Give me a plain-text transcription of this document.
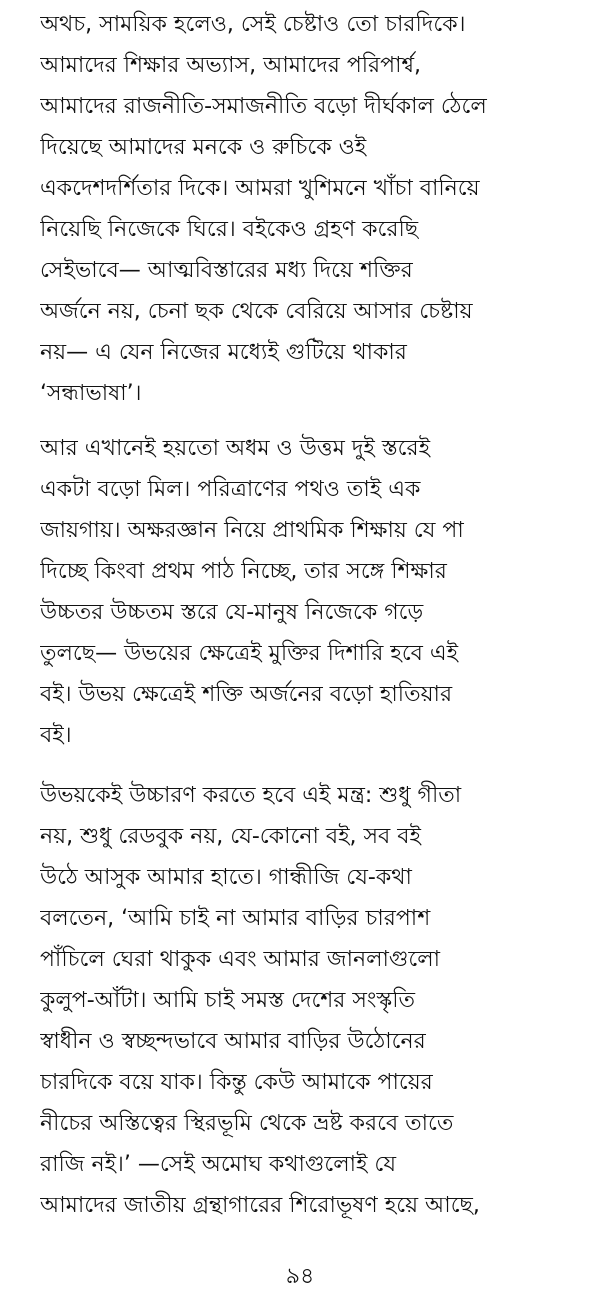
অথচ, সাময়িক হলেও, সেই চেষ্টাও তো চারদিকে।
আমাদের শিক্ষার অভ্যাস, আমাদের পরিপার্শ্ব,
আমাদের রাজনীতি-সমাজনীতি বড়ো দীর্ঘকাল ঠেলে
দিয়েছে আমাদের মনকে ও রুচিকে ওই
একদেশদর্শিতার দিকে। আমরা খুশিমনে খাঁচা বানিয়ে
নিয়েছি নিজেকে ঘিরে। বইকেও গ্রহণ করেছি
সেইভাবে— আত্মবিস্তারের মধ্য দিয়ে শক্তির
অর্জনে নয়, চেনা ছক থেকে বেরিয়ে আসার চেষ্টায়
নয়— এ যেন নিজের মধ্যেই গুটিয়ে থাকার
‘সন্ধাভাষা’।
আর এখানেই হয়তো অধম ও উত্তম দুই স্তরেই
একটা বড়ো মিল। পরিত্রাণের পথও তাই এক
জায়গায়। অক্ষরজ্ঞান নিয়ে প্রাথমিক শিক্ষায় যে পা
দিচ্ছে কিংবা প্রথম পাঠ নিচ্ছে, তার সঙ্গে শিক্ষার
উচ্চতর উচ্চতম স্তরে যে-মানুষ নিজেকে গড়ে
তুলছে— উভয়ের ক্ষেত্রেই মুক্তির দিশারি হবে এই
বই। উভয় ক্ষেত্রেই শক্তি অর্জনের বড়ো হাতিয়ার
বই।
উভয়কেই উচ্চারণ করতে হবে এই মন্ত্র: শুধু গীতা
নয়, শুধু রেডবুক নয়, যে-কোনো বই, সব বই
উঠে আসুক আমার হাতে। গান্ধীজি যে-কথা
বলতেন, ‘আমি চাই না আমার বাড়ির চারপাশ
পাঁচিলে ঘেরা থাকুক এবং আমার জানলাগুলো
কুলুপ-আঁটা। আমি চাই সমস্ত দেশের সংস্কৃতি
স্বাধীন ও স্বচ্ছন্দভাবে আমার বাড়ির উঠোনের
চারদিকে বয়ে যাক। কিন্তু কেউ আমাকে পায়ের
নীচের অস্তিত্বের স্থিরভূমি থেকে ভ্রষ্ট করবে তাতে
রাজি নই।’ —সেই অমোঘ কথাগুলোই যে
আমাদের জাতীয় গ্রন্থাগারের শিরোভূষণ হয়ে আছে,
৯৪
